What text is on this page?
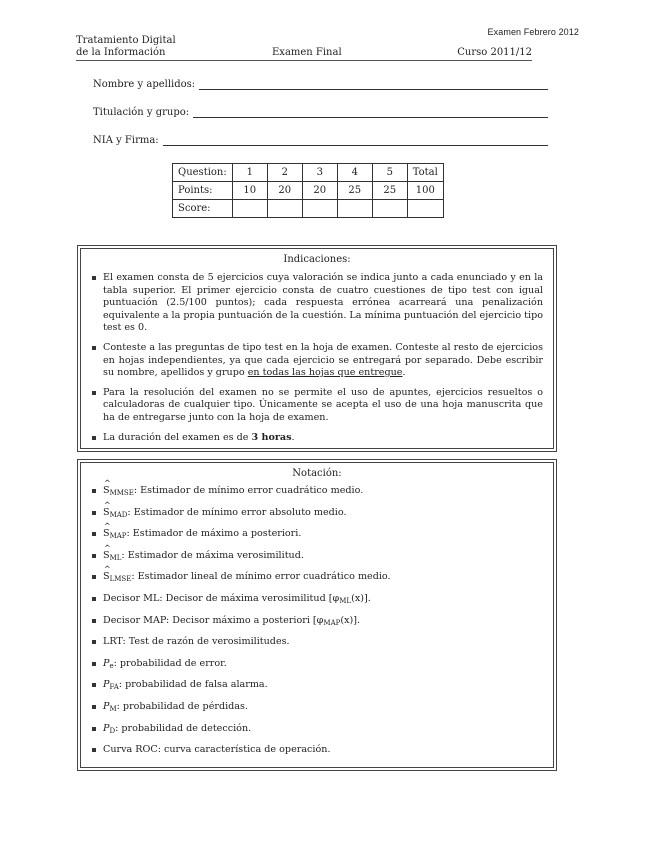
Examen Febrero 2012
Tratamiento Digital
de la Información	Examen Final	Curso 2011/12
Nombre y apellidos:
Titulación y grupo:
NIA y Firma:
Question:	1	2	3	4	5	Total
Points:	10	20	20	25	25	100
Score:						
Indicaciones:
El examen consta de 5 ejercicios cuya valoración se indica junto a cada enunciado y en la tabla superior. El primer ejercicio consta de cuatro cuestiones de tipo test con igual puntuación (2.5/100 puntos); cada respuesta errónea acarreará una penalización equivalente a la propia puntuación de la cuestión. La mínima puntuación del ejercicio tipo test es 0.
Conteste a las preguntas de tipo test en la hoja de examen. Conteste al resto de ejercicios en hojas independientes, ya que cada ejercicio se entregará por separado. Debe escribir su nombre, apellidos y grupo en todas las hojas que entregue.
Para la resolución del examen no se permite el uso de apuntes, ejercicios resueltos o calculadoras de cualquier tipo. Únicamente se acepta el uso de una hoja manuscrita que ha de entregarse junto con la hoja de examen.
La duración del examen es de 3 horas.
Notación:
^ $S_{MMSE}$: Estimador de mínimo error cuadrático medio.
^ $S_{MAD}$: Estimador de mínimo error absoluto medio.
^ $S_{MAP}$: Estimador de máximo a posteriori.
^ $S_{ML}$: Estimador de máxima verosimilitud.
^ $S_{LMSE}$: Estimador lineal de mínimo error cuadrático medio.
Decisor ML: Decisor de máxima verosimilitud $[\varphi_{ML}(x)]$.
Decisor MAP: Decisor máximo a posteriori $[\varphi_{MAP}(x)]$.
LRT: Test de razón de verosimilitudes.
$P_e$: probabilidad de error.
$P_{FA}$: probabilidad de falsa alarma.
$P_M$: probabilidad de pérdidas.
$P_D$: probabilidad de detección.
Curva ROC: curva característica de operación.
